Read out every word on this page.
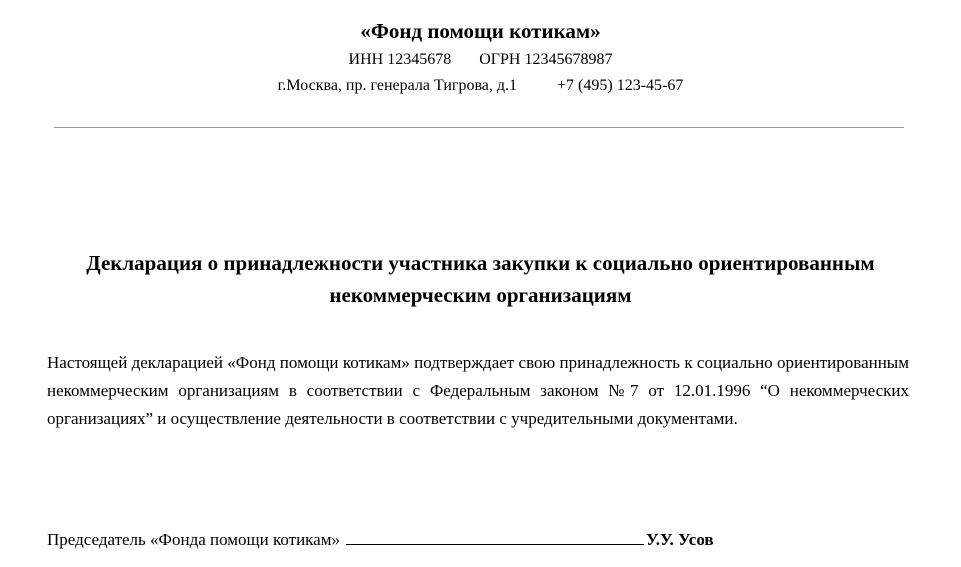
«Фонд помощи котикам»
ИНН 12345678 ОГРН 12345678987
г.Москва, пр. генерала Тигрова, д.1	+7 (495) 123-45-67
Декларация о принадлежности участника закупки к социально ориентированным некоммерческим организациям

Настоящей декларацией «Фонд помощи котикам» подтверждает свою принадлежность к социально ориентированным некоммерческим организациям в соответствии с Федеральным законом №7 от 12.01.1996 “О некоммерческих организациях” и осуществление деятельности в соответствии с учредительными документами.

Председатель «Фонда помощи котикам»	У.У. Усов
